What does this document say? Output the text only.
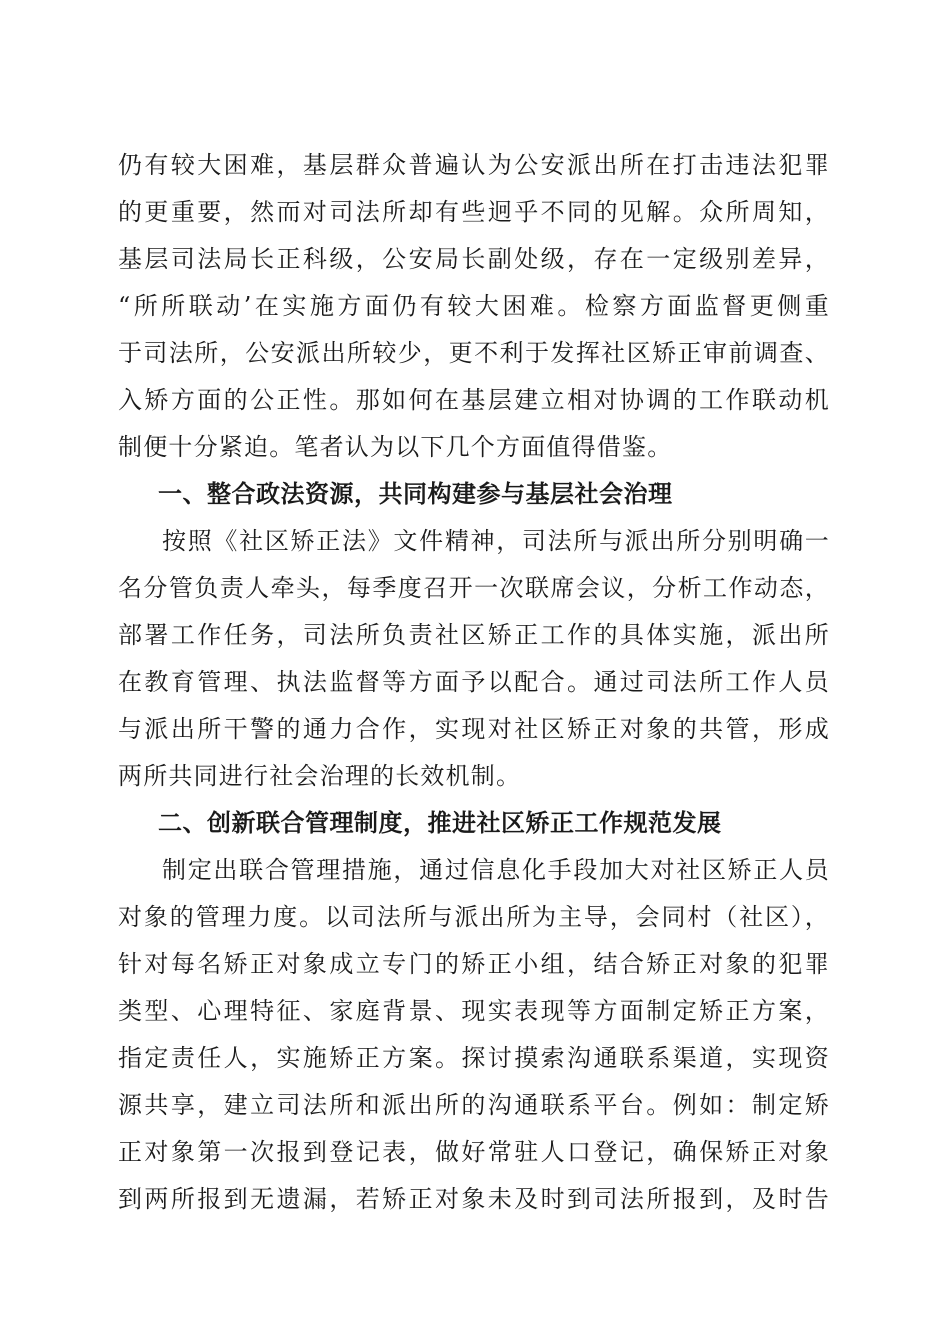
仍有较大困难，基层群众普遍认为公安派出所在打击违法犯罪
的更重要，然而对司法所却有些迥乎不同的见解。众所周知，
基层司法局长正科级，公安局长副处级，存在一定级别差异，
“所所联动’在实施方面仍有较大困难。检察方面监督更侧重
于司法所，公安派出所较少，更不利于发挥社区矫正审前调查、
入矫方面的公正性。那如何在基层建立相对协调的工作联动机
制便十分紧迫。笔者认为以下几个方面值得借鉴。
一、整合政法资源，共同构建参与基层社会治理
按照《社区矫正法》文件精神，司法所与派出所分别明确一
名分管负责人牵头，每季度召开一次联席会议，分析工作动态，
部署工作任务，司法所负责社区矫正工作的具体实施，派出所
在教育管理、执法监督等方面予以配合。通过司法所工作人员
与派出所干警的通力合作，实现对社区矫正对象的共管，形成
两所共同进行社会治理的长效机制。
二、创新联合管理制度，推进社区矫正工作规范发展
制定出联合管理措施，通过信息化手段加大对社区矫正人员
对象的管理力度。以司法所与派出所为主导，会同村（社区），
针对每名矫正对象成立专门的矫正小组，结合矫正对象的犯罪
类型、心理特征、家庭背景、现实表现等方面制定矫正方案，
指定责任人，实施矫正方案。探讨摸索沟通联系渠道，实现资
源共享，建立司法所和派出所的沟通联系平台。例如：制定矫
正对象第一次报到登记表，做好常驻人口登记，确保矫正对象
到两所报到无遗漏，若矫正对象未及时到司法所报到，及时告
